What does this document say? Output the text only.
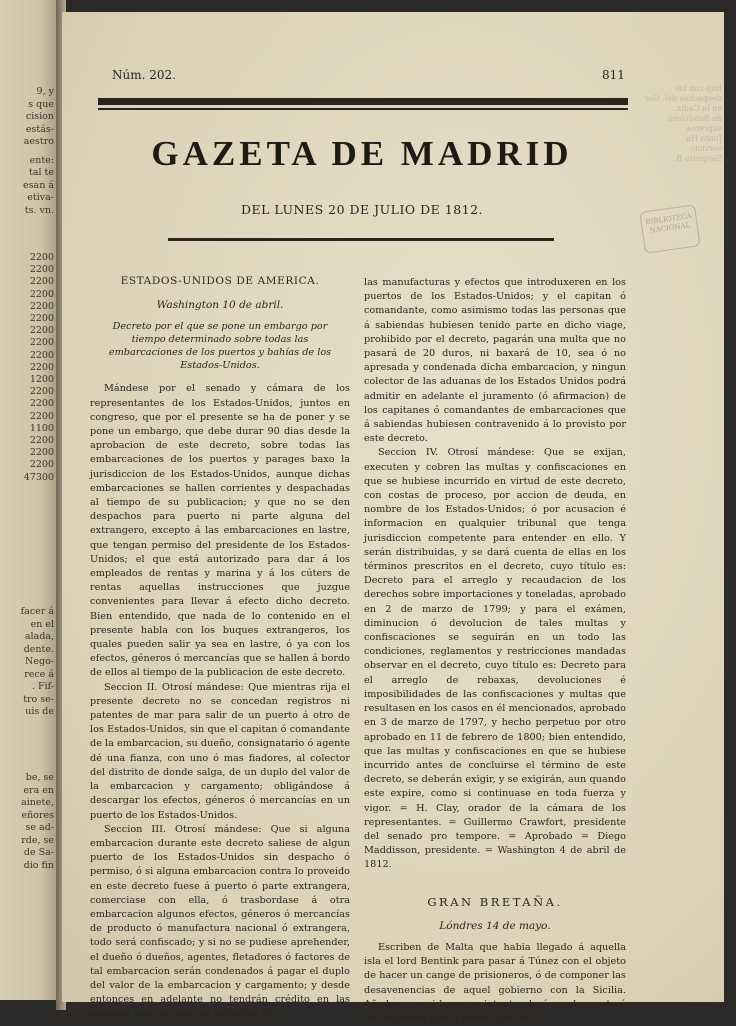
9, y
s que
cision
estás-
aestro
ente:
tal te
esan á
etiva-
ts. vn.
2200
2200
2200
2200
2200
2200
2200
2200
2200
2200
1200
2200
2200
2200
1100
2200
2200
2200
47300
facer á
en el
alada,
dente.
Nego-
rece á
. Fif-
tro se-
uis de
be, se
era en
ainete,
eñores
se ad-
rde, se
de Sa-
dio fin
Imp con los despachos del. Gor
en la Cadiz.
de Bandolero
suprema
Junta Ha
servicio
Sargento B.
Núm. 202.	811
GAZETA DE MADRID
DEL LUNES 20 DE JULIO DE 1812.
BIBLIOTECA NACIONAL
ESTADOS-UNIDOS DE AMERICA.
Washington 10 de abril.
Decreto por el que se pone un embargo por tiempo determinado sobre todas las embarcaciones de los puertos y bahías de los Estados-Unidos.

Mándese por el senado y cámara de los representantes de los Estados-Unidos, juntos en congreso, que por el presente se ha de poner y se pone un embargo, que debe durar 90 dias desde la aprobacion de este decreto, sobre todas las embarcaciones de los puertos y parages baxo la jurisdiccion de los Estados-Unidos, aunque dichas embarcaciones se hallen corrientes y despachadas al tiempo de su publicacion; y que no se den despachos para puerto ni parte alguna del extrangero, excepto á las embarcaciones en lastre, que tengan permiso del presidente de los Estados-Unidos; el que está autorizado para dar á los empleados de rentas y marina y á los cúters de rentas aquellas instrucciones que juzgue convenientes para llevar á efecto dicho decreto. Bien entendido, que nada de lo contenido en el presente habla con los buques extrangeros, los quales pueden salir ya sea en lastre, ó ya con los efectos, géneros ó mercancías que se hallen á bordo de ellos al tiempo de la publicacion de este decreto.

Seccion II. Otrosí mándese: Que mientras rija el presente decreto no se concedan registros ni patentes de mar para salir de un puerto á otro de los Estados-Unidos, sin que el capitan ó comandante de la embarcacion, su dueño, consignatario ó agente dé una fianza, con uno ó mas fiadores, al colector del distrito de donde salga, de un duplo del valor de la embarcacion y cargamento; obligándose á descargar los efectos, géneros ó mercancías en un puerto de los Estados-Unidos.

Seccion III. Otrosí mándese: Que si alguna embarcacion durante este decreto saliese de algun puerto de los Estados-Unidos sin despacho ó permiso, ó si alguna embarcacion contra lo proveido en este decreto fuese á puerto ó parte extrangera, comerciase con ella, ó trasbordase á otra embarcacion algunos efectos, géneros ó mercancías de producto ó manufactura nacional ó extrangera, todo será confiscado; y si no se pudiese aprehender, el dueño ó dueños, agentes, fletadores ó factores de tal embarcacion serán condenados á pagar el duplo del valor de la embarcacion y cargamento; y desde entonces en adelante no tendrán crédito en las aduanas para el pago de derechos de

las manufacturas y efectos que introduxeren en los puertos de los Estados-Unidos; y el capitan ó comandante, como asimismo todas las personas que á sabiendas hubiesen tenido parte en dicho viage, prohibido por el decreto, pagarán una multa que no pasará de 20 duros, ni baxará de 10, sea ó no apresada y condenada dicha embarcacion, y ningun colector de las aduanas de los Estados Unidos podrá admitir en adelante el juramento (ó afirmacion) de los capitanes ó comandantes de embarcaciones que á sabiendas hubiesen contravenido á lo provisto por este decreto.

Seccion IV. Otrosí mándese: Que se exijan, executen y cobren las multas y confiscaciones en que se hubiese incurrido en virtud de este decreto, con costas de proceso, por accion de deuda, en nombre de los Estados-Unidos; ó por acusacion é informacion en qualquier tribunal que tenga jurisdiccion competente para entender en ello. Y serán distribuidas, y se dará cuenta de ellas en los términos prescritos en el decreto, cuyo título es: Decreto para el arreglo y recaudacion de los derechos sobre importaciones y toneladas, aprobado en 2 de marzo de 1799; y para el exámen, diminucion ó devolucion de tales multas y confiscaciones se seguirán en un todo las condiciones, reglamentos y restricciones mandadas observar en el decreto, cuyo título es: Decreto para el arreglo de rebaxas, devoluciones é imposibilidades de las confiscaciones y multas que resultasen en los casos en él mencionados, aprobado en 3 de marzo de 1797, y hecho perpetuo por otro aprobado en 11 de febrero de 1800; bien entendido, que las multas y confiscaciones en que se hubiese incurrido antes de concluirse el término de este decreto, se deberán exigir, y se exigirán, aun quando este expire, como si continuase en toda fuerza y vigor. = H. Clay, orador de la cámara de los representantes. = Guillermo Crawfort, presidente del senado pro tempore. = Aprobado = Diego Maddisson, presidente. = Washington 4 de abril de 1812.

GRAN BRETAÑA.
Lóndres 14 de mayo.

Escriben de Malta que habia llegado á aquella isla el lord Bentink para pasar á Túnez con el objeto de hacer un cange de prisioneros, ó de componer las desavenencias de aquel gobierno con la Sicilia. Añaden que si logra su intento, dará mucho gusto á los sicilianos por lo mucho que su-
